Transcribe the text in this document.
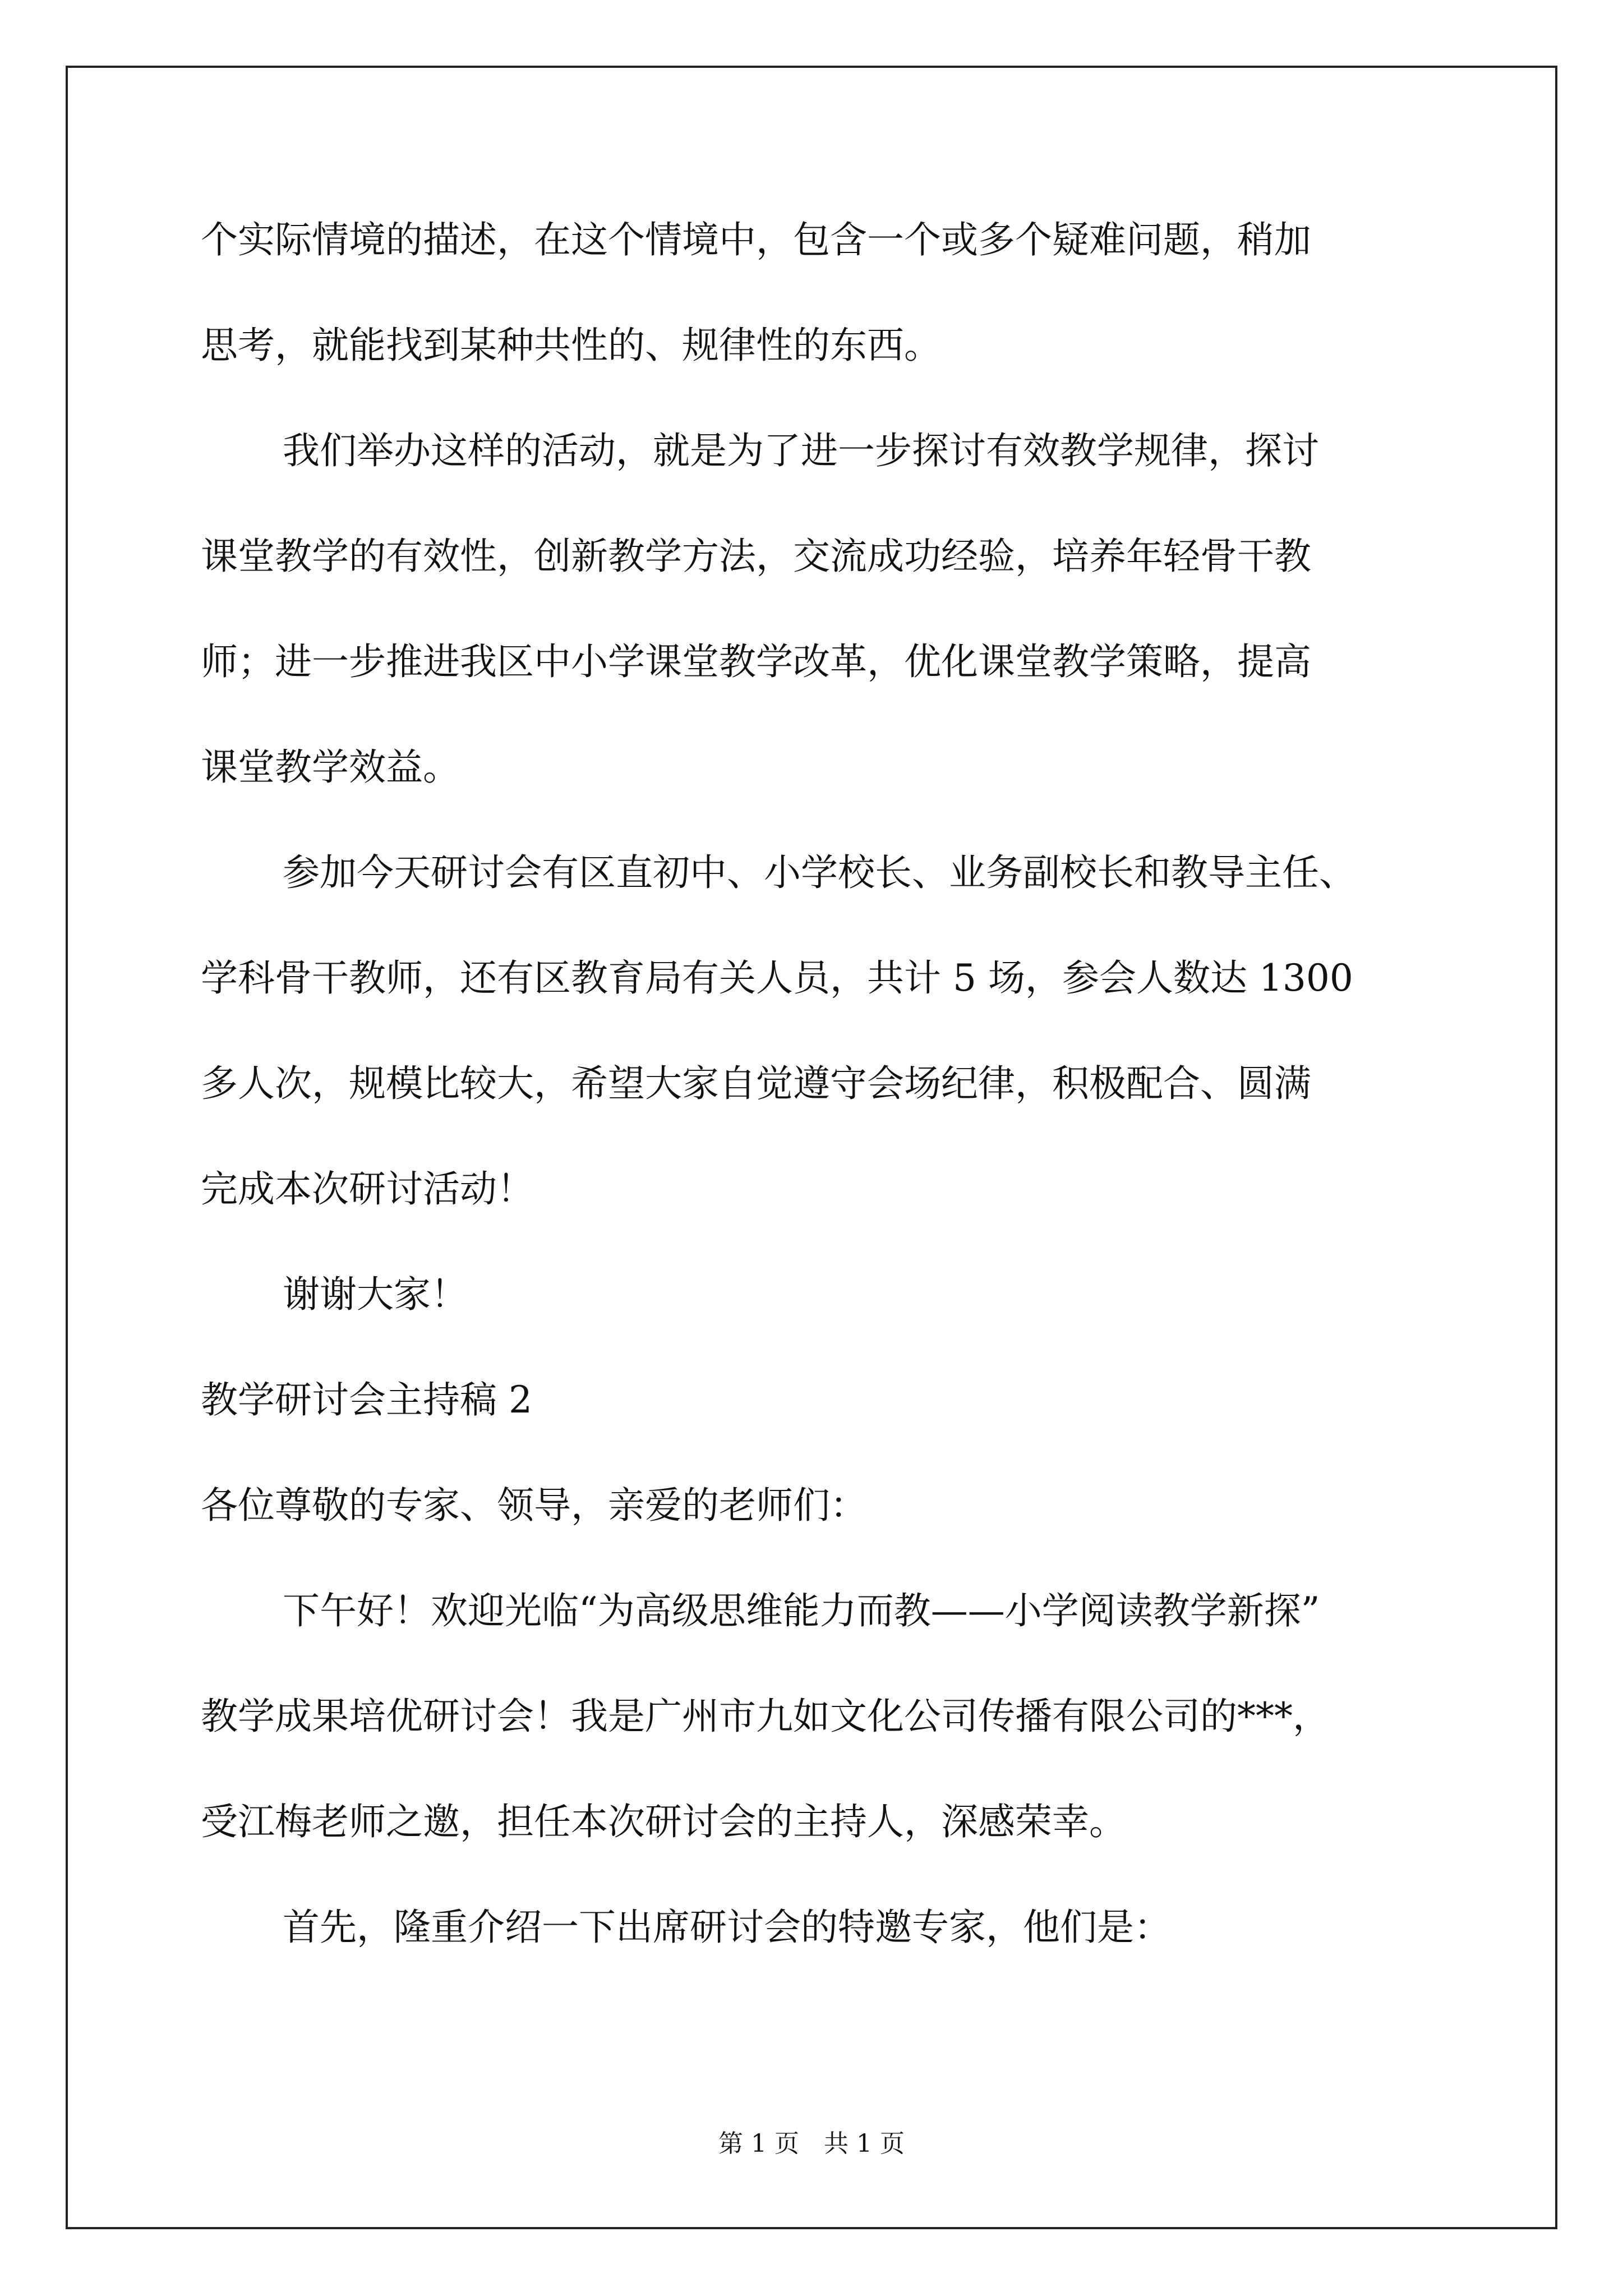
个实际情境的描述，在这个情境中，包含一个或多个疑难问题，稍加

思考，就能找到某种共性的、规律性的东西。

我们举办这样的活动，就是为了进一步探讨有效教学规律，探讨

课堂教学的有效性，创新教学方法，交流成功经验，培养年轻骨干教

师；进一步推进我区中小学课堂教学改革，优化课堂教学策略，提高

课堂教学效益。

参加今天研讨会有区直初中、小学校长、业务副校长和教导主任、

学科骨干教师，还有区教育局有关人员，共计 5 场，参会人数达 1300

多人次，规模比较大，希望大家自觉遵守会场纪律，积极配合、圆满

完成本次研讨活动！

谢谢大家！

教学研讨会主持稿 2

各位尊敬的专家、领导，亲爱的老师们：

下午好！欢迎光临“为高级思维能力而教——小学阅读教学新探”

教学成果培优研讨会！我是广州市九如文化公司传播有限公司的***，

受江梅老师之邀，担任本次研讨会的主持人，深感荣幸。

首先，隆重介绍一下出席研讨会的特邀专家，他们是：

第 1 页　共 1 页
